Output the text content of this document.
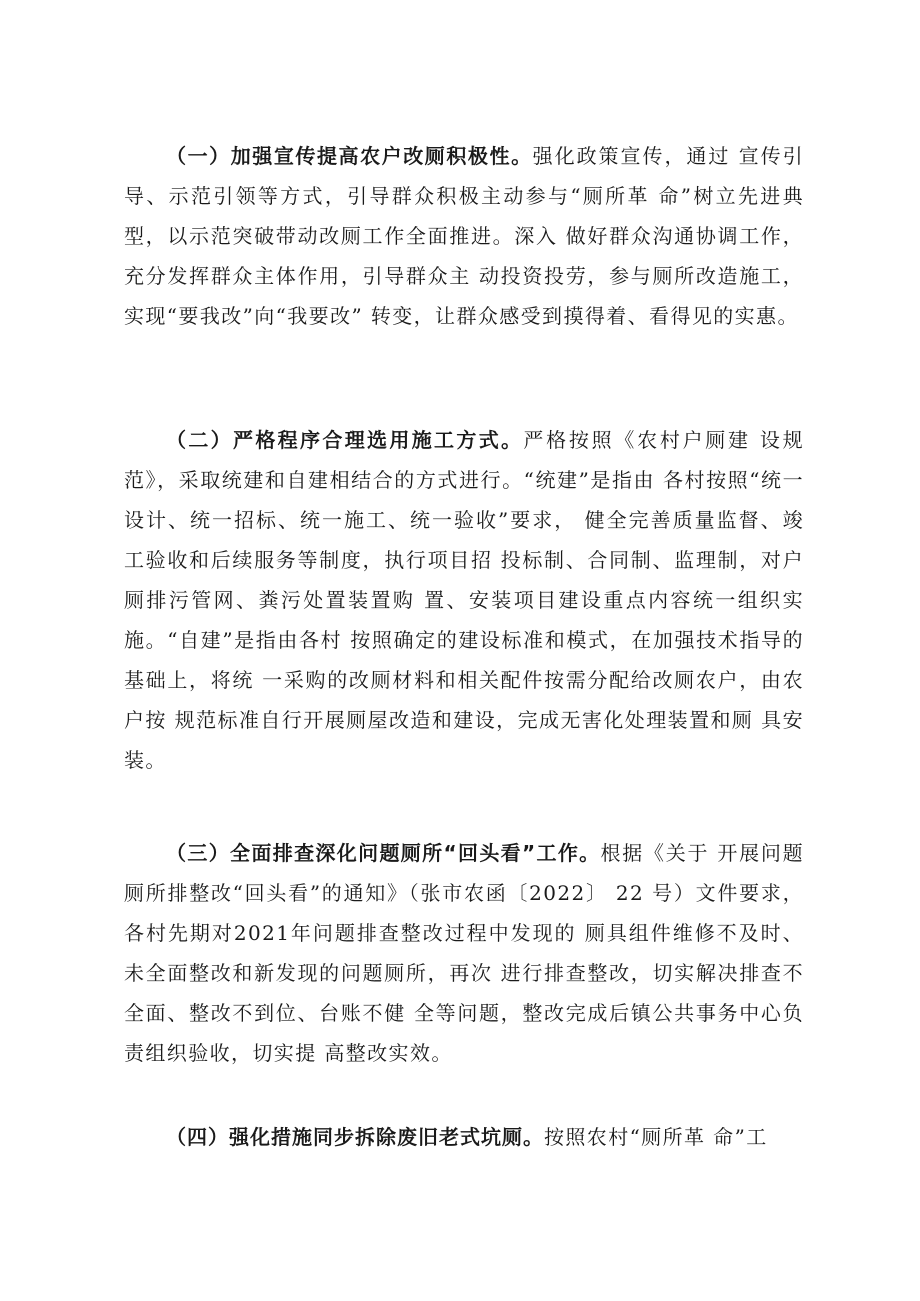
（一）加强宣传提高农户改厕积极性。强化政策宣传，通过 宣传引导、示范引领等方式，引导群众积极主动参与“厕所革 命”树立先进典型，以示范突破带动改厕工作全面推进。深入 做好群众沟通协调工作，充分发挥群众主体作用，引导群众主 动投资投劳，参与厕所改造施工，实现“要我改”向“我要改” 转变，让群众感受到摸得着、看得见的实惠。

（二）严格程序合理选用施工方式。严格按照《农村户厕建 设规范》，采取统建和自建相结合的方式进行。“统建”是指由 各村按照“统一设计、统一招标、统一施工、统一验收”要求， 健全完善质量监督、竣工验收和后续服务等制度，执行项目招 投标制、合同制、监理制，对户厕排污管网、粪污处置装置购 置、安装项目建设重点内容统一组织实施。“自建”是指由各村 按照确定的建设标准和模式，在加强技术指导的基础上，将统 一采购的改厕材料和相关配件按需分配给改厕农户，由农户按 规范标准自行开展厕屋改造和建设，完成无害化处理装置和厕 具安装。

（三）全面排查深化问题厕所“回头看”工作。根据《关于 开展问题厕所排整改“回头看”的通知》（张市农函〔2022〕 22 号）文件要求，各村先期对2021年问题排查整改过程中发现的 厕具组件维修不及时、未全面整改和新发现的问题厕所，再次 进行排查整改，切实解决排查不全面、整改不到位、台账不健 全等问题，整改完成后镇公共事务中心负责组织验收，切实提 高整改实效。

（四）强化措施同步拆除废旧老式坑厕。按照农村“厕所革 命”工
